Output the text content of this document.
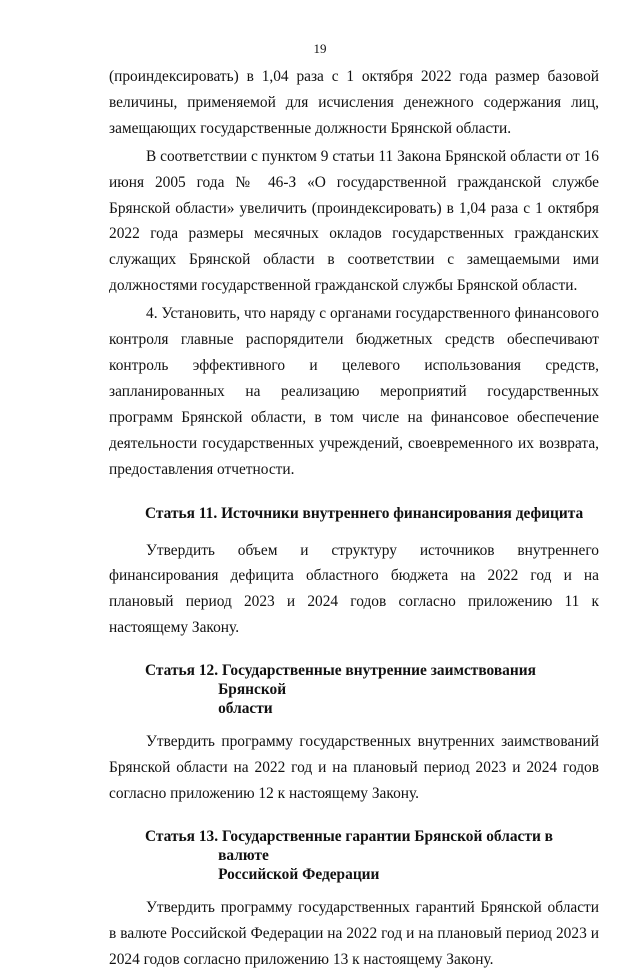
19

(проиндексировать) в 1,04 раза с 1 октября 2022 года размер базовой величины, применяемой для исчисления денежного содержания лиц, замещающих государственные должности Брянской области.

В соответствии с пунктом 9 статьи 11 Закона Брянской области от 16 июня 2005 года № 46-З «О государственной гражданской службе Брянской области» увеличить (проиндексировать) в 1,04 раза с 1 октября 2022 года размеры месячных окладов государственных гражданских служащих Брянской области в соответствии с замещаемыми ими должностями государственной гражданской службы Брянской области.

4. Установить, что наряду с органами государственного финансового контроля главные распорядители бюджетных средств обеспечивают контроль эффективного и целевого использования средств, запланированных на реализацию мероприятий государственных программ Брянской области, в том числе на финансовое обеспечение деятельности государственных учреждений, своевременного их возврата, предоставления отчетности.

Статья 11. Источники внутреннего финансирования дефицита

Утвердить объем и структуру источников внутреннего финансирования дефицита областного бюджета на 2022 год и на плановый период 2023 и 2024 годов согласно приложению 11 к настоящему Закону.

Статья 12. Государственные внутренние заимствования Брянской
области

Утвердить программу государственных внутренних заимствований Брянской области на 2022 год и на плановый период 2023 и 2024 годов согласно приложению 12 к настоящему Закону.

Статья 13. Государственные гарантии Брянской области в валюте
Российской Федерации

Утвердить программу государственных гарантий Брянской области в валюте Российской Федерации на 2022 год и на плановый период 2023 и 2024 годов согласно приложению 13 к настоящему Закону.
